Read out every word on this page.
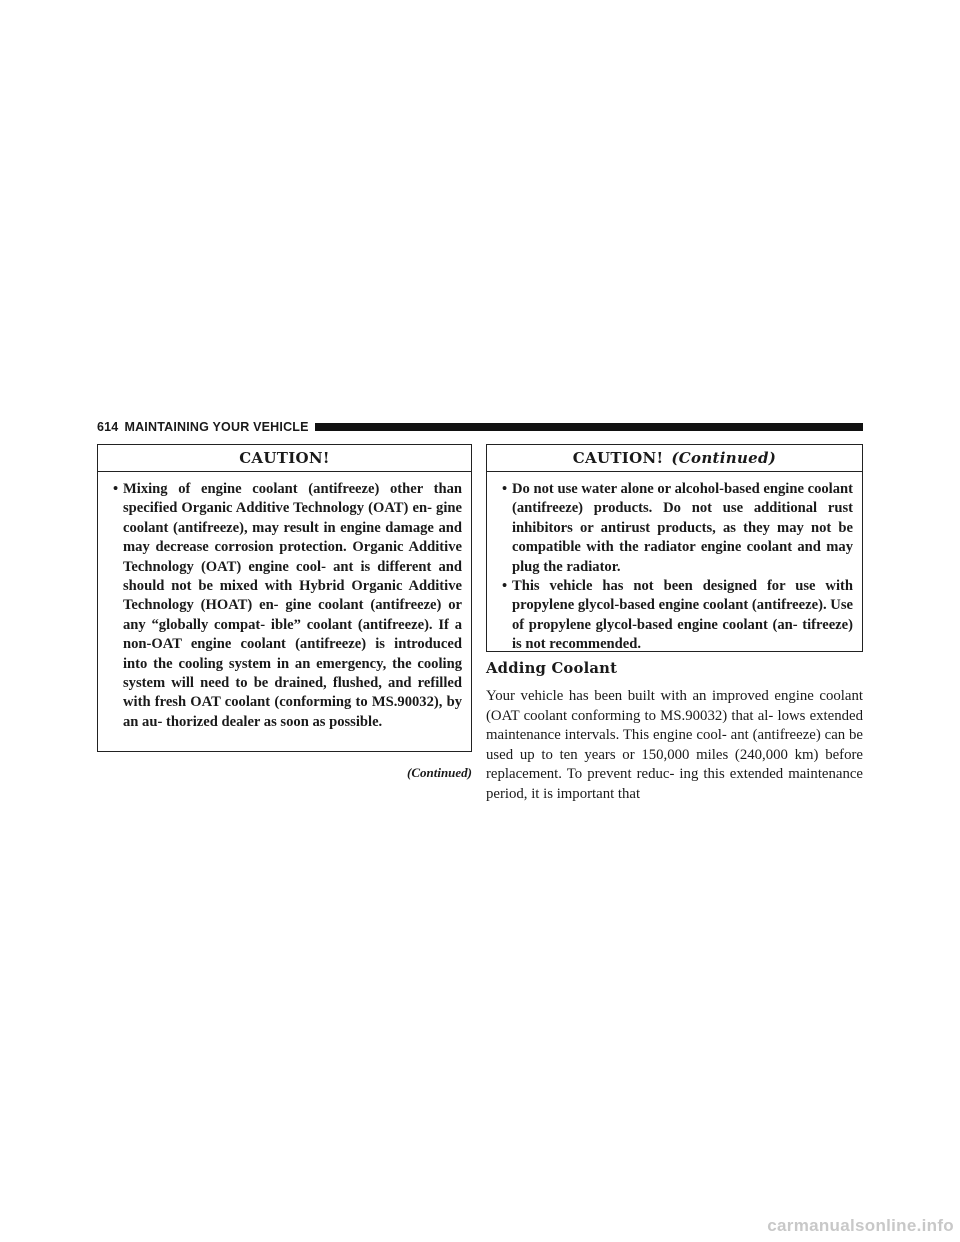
614 MAINTAINING YOUR VEHICLE
CAUTION!
• Mixing of engine coolant (antifreeze) other than specified Organic Additive Technology (OAT) en- gine coolant (antifreeze), may result in engine damage and may decrease corrosion protection. Organic Additive Technology (OAT) engine cool- ant is different and should not be mixed with Hybrid Organic Additive Technology (HOAT) en- gine coolant (antifreeze) or any “globally compat- ible” coolant (antifreeze). If a non-OAT engine coolant (antifreeze) is introduced into the cooling system in an emergency, the cooling system will need to be drained, flushed, and refilled with fresh OAT coolant (conforming to MS.90032), by an au- thorized dealer as soon as possible.
(Continued)
CAUTION! (Continued)
• Do not use water alone or alcohol-based engine coolant (antifreeze) products. Do not use additional rust inhibitors or antirust products, as they may not be compatible with the radiator engine coolant and may plug the radiator.
• This vehicle has not been designed for use with propylene glycol-based engine coolant (antifreeze). Use of propylene glycol-based engine coolant (an- tifreeze) is not recommended.
Adding Coolant

Your vehicle has been built with an improved engine coolant (OAT coolant conforming to MS.90032) that al- lows extended maintenance intervals. This engine cool- ant (antifreeze) can be used up to ten years or 150,000 miles (240,000 km) before replacement. To prevent reduc- ing this extended maintenance period, it is important that

carmanualsonline.info
